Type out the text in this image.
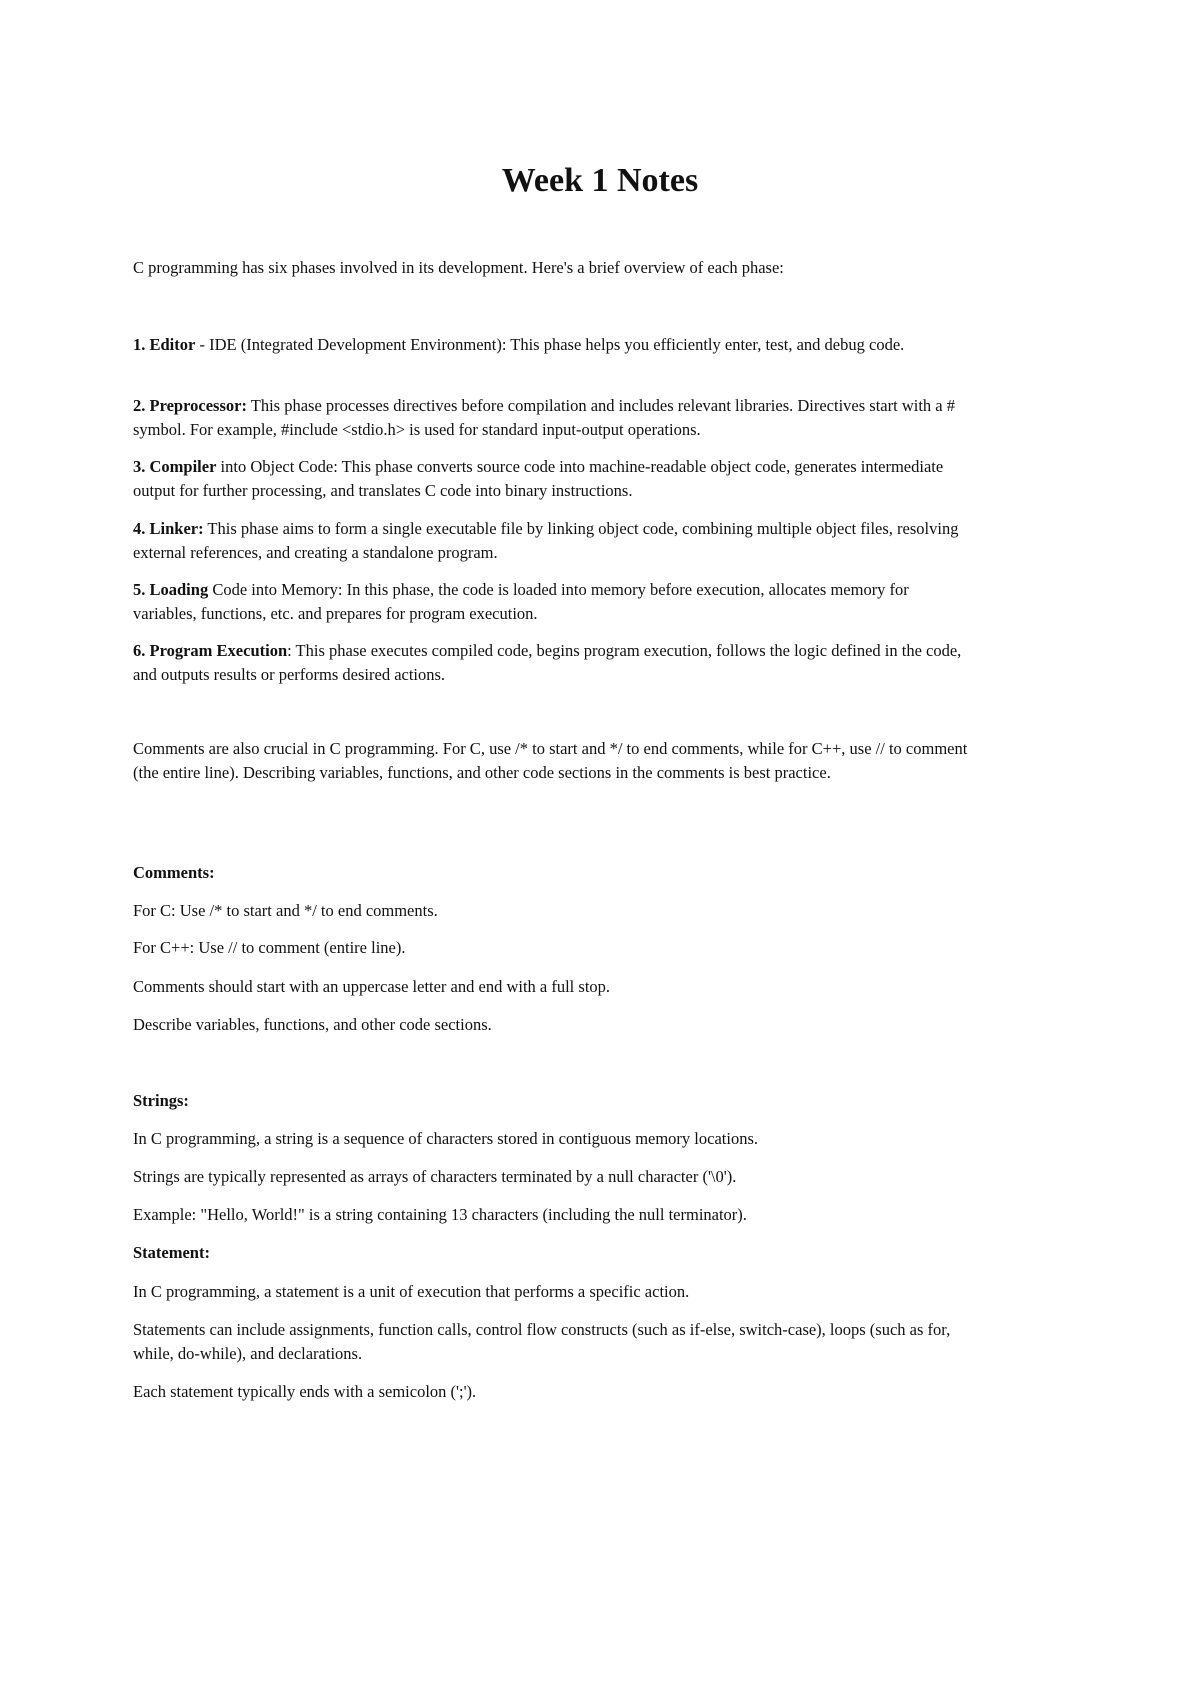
Week 1 Notes
C programming has six phases involved in its development. Here's a brief overview of each phase:
1. Editor - IDE (Integrated Development Environment): This phase helps you efficiently enter, test, and debug code.
2. Preprocessor: This phase processes directives before compilation and includes relevant libraries. Directives start with a # symbol. For example, #include <stdio.h> is used for standard input-output operations.
3. Compiler into Object Code: This phase converts source code into machine-readable object code, generates intermediate output for further processing, and translates C code into binary instructions.
4. Linker: This phase aims to form a single executable file by linking object code, combining multiple object files, resolving external references, and creating a standalone program.
5. Loading Code into Memory: In this phase, the code is loaded into memory before execution, allocates memory for variables, functions, etc. and prepares for program execution.
6. Program Execution: This phase executes compiled code, begins program execution, follows the logic defined in the code, and outputs results or performs desired actions.
Comments are also crucial in C programming. For C, use /* to start and */ to end comments, while for C++, use // to comment (the entire line). Describing variables, functions, and other code sections in the comments is best practice.
Comments:
For C: Use /* to start and */ to end comments.
For C++: Use // to comment (entire line).
Comments should start with an uppercase letter and end with a full stop.
Describe variables, functions, and other code sections.
Strings:
In C programming, a string is a sequence of characters stored in contiguous memory locations.
Strings are typically represented as arrays of characters terminated by a null character ('\0').
Example: "Hello, World!" is a string containing 13 characters (including the null terminator).
Statement:
In C programming, a statement is a unit of execution that performs a specific action.
Statements can include assignments, function calls, control flow constructs (such as if-else, switch-case), loops (such as for, while, do-while), and declarations.
Each statement typically ends with a semicolon (';').
